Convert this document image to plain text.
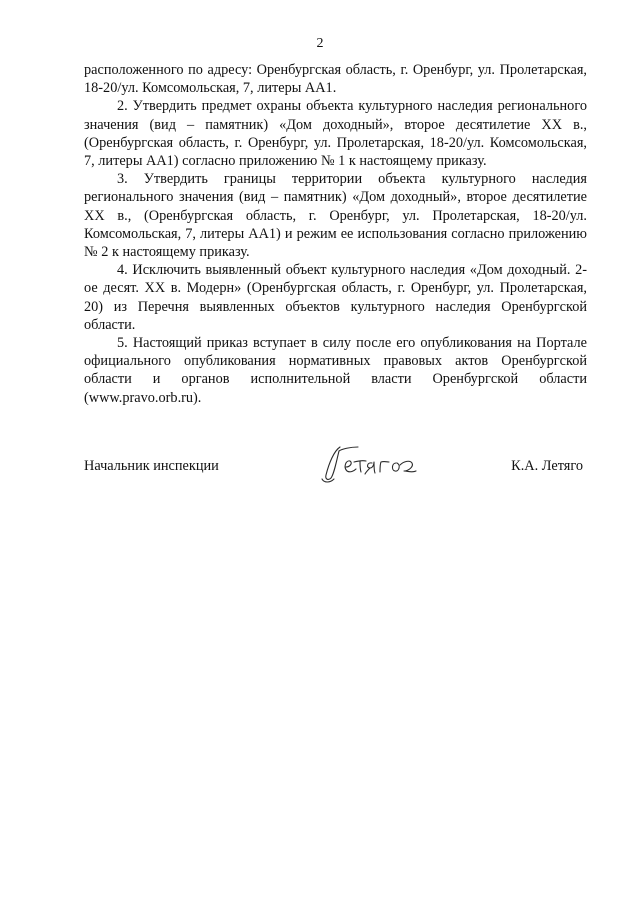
2

расположенного по адресу: Оренбургская область, г. Оренбург, ул. Пролетарская, 18-20/ул. Комсомольская, 7, литеры АА1.

2. Утвердить предмет охраны объекта культурного наследия регионального значения (вид – памятник) «Дом доходный», второе десятилетие XX в., (Оренбургская область, г. Оренбург, ул. Пролетарская, 18-20/ул. Комсомольская, 7, литеры АА1) согласно приложению № 1 к настоящему приказу.

3. Утвердить границы территории объекта культурного наследия регионального значения (вид – памятник) «Дом доходный», второе десятилетие XX в., (Оренбургская область, г. Оренбург, ул. Пролетарская, 18-20/ул. Комсомольская, 7, литеры АА1) и режим ее использования согласно приложению № 2 к настоящему приказу.

4. Исключить выявленный объект культурного наследия «Дом доходный. 2-ое десят. XX в. Модерн» (Оренбургская область, г. Оренбург, ул. Пролетарская, 20) из Перечня выявленных объектов культурного наследия Оренбургской области.

5. Настоящий приказ вступает в силу после его опубликования на Портале официального опубликования нормативных правовых актов Оренбургской области и органов исполнительной власти Оренбургской области (www.pravo.orb.ru).

Начальник инспекции	К.А. Летяго
